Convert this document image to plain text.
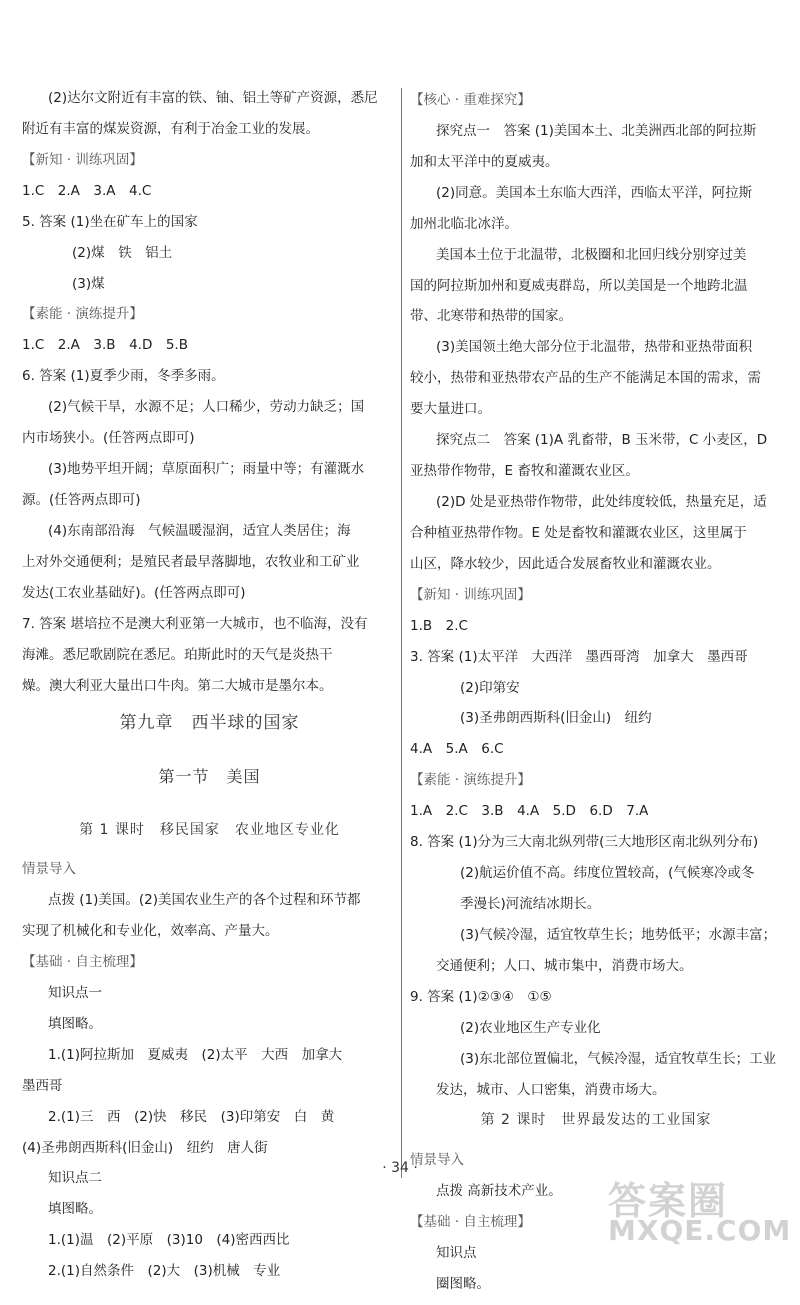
(2)达尔文附近有丰富的铁、铀、铝土等矿产资源，悉尼
附近有丰富的煤炭资源，有利于冶金工业的发展。
【新知 · 训练巩固】
1.C　2.A　3.A　4.C
5. 答案 (1)坐在矿车上的国家
(2)煤　铁　铝土
(3)煤
【素能 · 演练提升】
1.C　2.A　3.B　4.D　5.B
6. 答案 (1)夏季少雨，冬季多雨。
(2)气候干旱，水源不足；人口稀少，劳动力缺乏；国
内市场狭小。(任答两点即可)
(3)地势平坦开阔；草原面积广；雨量中等；有灌溉水
源。(任答两点即可)
(4)东南部沿海　气候温暖湿润，适宜人类居住；海
上对外交通便利；是殖民者最早落脚地，农牧业和工矿业
发达(工农业基础好)。(任答两点即可)
7. 答案 堪培拉不是澳大利亚第一大城市，也不临海，没有
海滩。悉尼歌剧院在悉尼。珀斯此时的天气是炎热干
燥。澳大利亚大量出口牛肉。第二大城市是墨尔本。
第九章　西半球的国家
第一节　美国
第 1 课时　移民国家　农业地区专业化
情景导入
点拨 (1)美国。(2)美国农业生产的各个过程和环节都
实现了机械化和专业化，效率高、产量大。
【基础 · 自主梳理】
知识点一
填图略。
1.(1)阿拉斯加　夏威夷　(2)太平　大西　加拿大
墨西哥
2.(1)三　西　(2)快　移民　(3)印第安　白　黄
(4)圣弗朗西斯科(旧金山)　纽约　唐人街
知识点二
填图略。
1.(1)温　(2)平原　(3)10　(4)密西西比
2.(1)自然条件　(2)大　(3)机械　专业
【核心 · 重难探究】
探究点一　答案 (1)美国本土、北美洲西北部的阿拉斯
加和太平洋中的夏威夷。
(2)同意。美国本土东临大西洋，西临太平洋，阿拉斯
加州北临北冰洋。
美国本土位于北温带，北极圈和北回归线分别穿过美
国的阿拉斯加州和夏威夷群岛，所以美国是一个地跨北温
带、北寒带和热带的国家。
(3)美国领土绝大部分位于北温带，热带和亚热带面积
较小，热带和亚热带农产品的生产不能满足本国的需求，需
要大量进口。
探究点二　答案 (1)A 乳畜带，B 玉米带，C 小麦区，D
亚热带作物带，E 畜牧和灌溉农业区。
(2)D 处是亚热带作物带，此处纬度较低，热量充足，适
合种植亚热带作物。E 处是畜牧和灌溉农业区，这里属于
山区，降水较少，因此适合发展畜牧业和灌溉农业。
【新知 · 训练巩固】
1.B　2.C
3. 答案 (1)太平洋　大西洋　墨西哥湾　加拿大　墨西哥
(2)印第安
(3)圣弗朗西斯科(旧金山)　纽约
4.A　5.A　6.C
【素能 · 演练提升】
1.A　2.C　3.B　4.A　5.D　6.D　7.A
8. 答案 (1)分为三大南北纵列带(三大地形区南北纵列分布)
(2)航运价值不高。纬度位置较高，(气候寒冷或冬
季漫长)河流结冰期长。
(3)气候冷湿，适宜牧草生长；地势低平；水源丰富；
交通便利；人口、城市集中，消费市场大。
9. 答案 (1)②③④　①⑤
(2)农业地区生产专业化
(3)东北部位置偏北，气候冷湿，适宜牧草生长；工业
发达，城市、人口密集，消费市场大。
第 2 课时　世界最发达的工业国家
情景导入
点拨 高新技术产业。
【基础 · 自主梳理】
知识点
圈图略。
· 34 ·
答案圈
MXQE.COM
